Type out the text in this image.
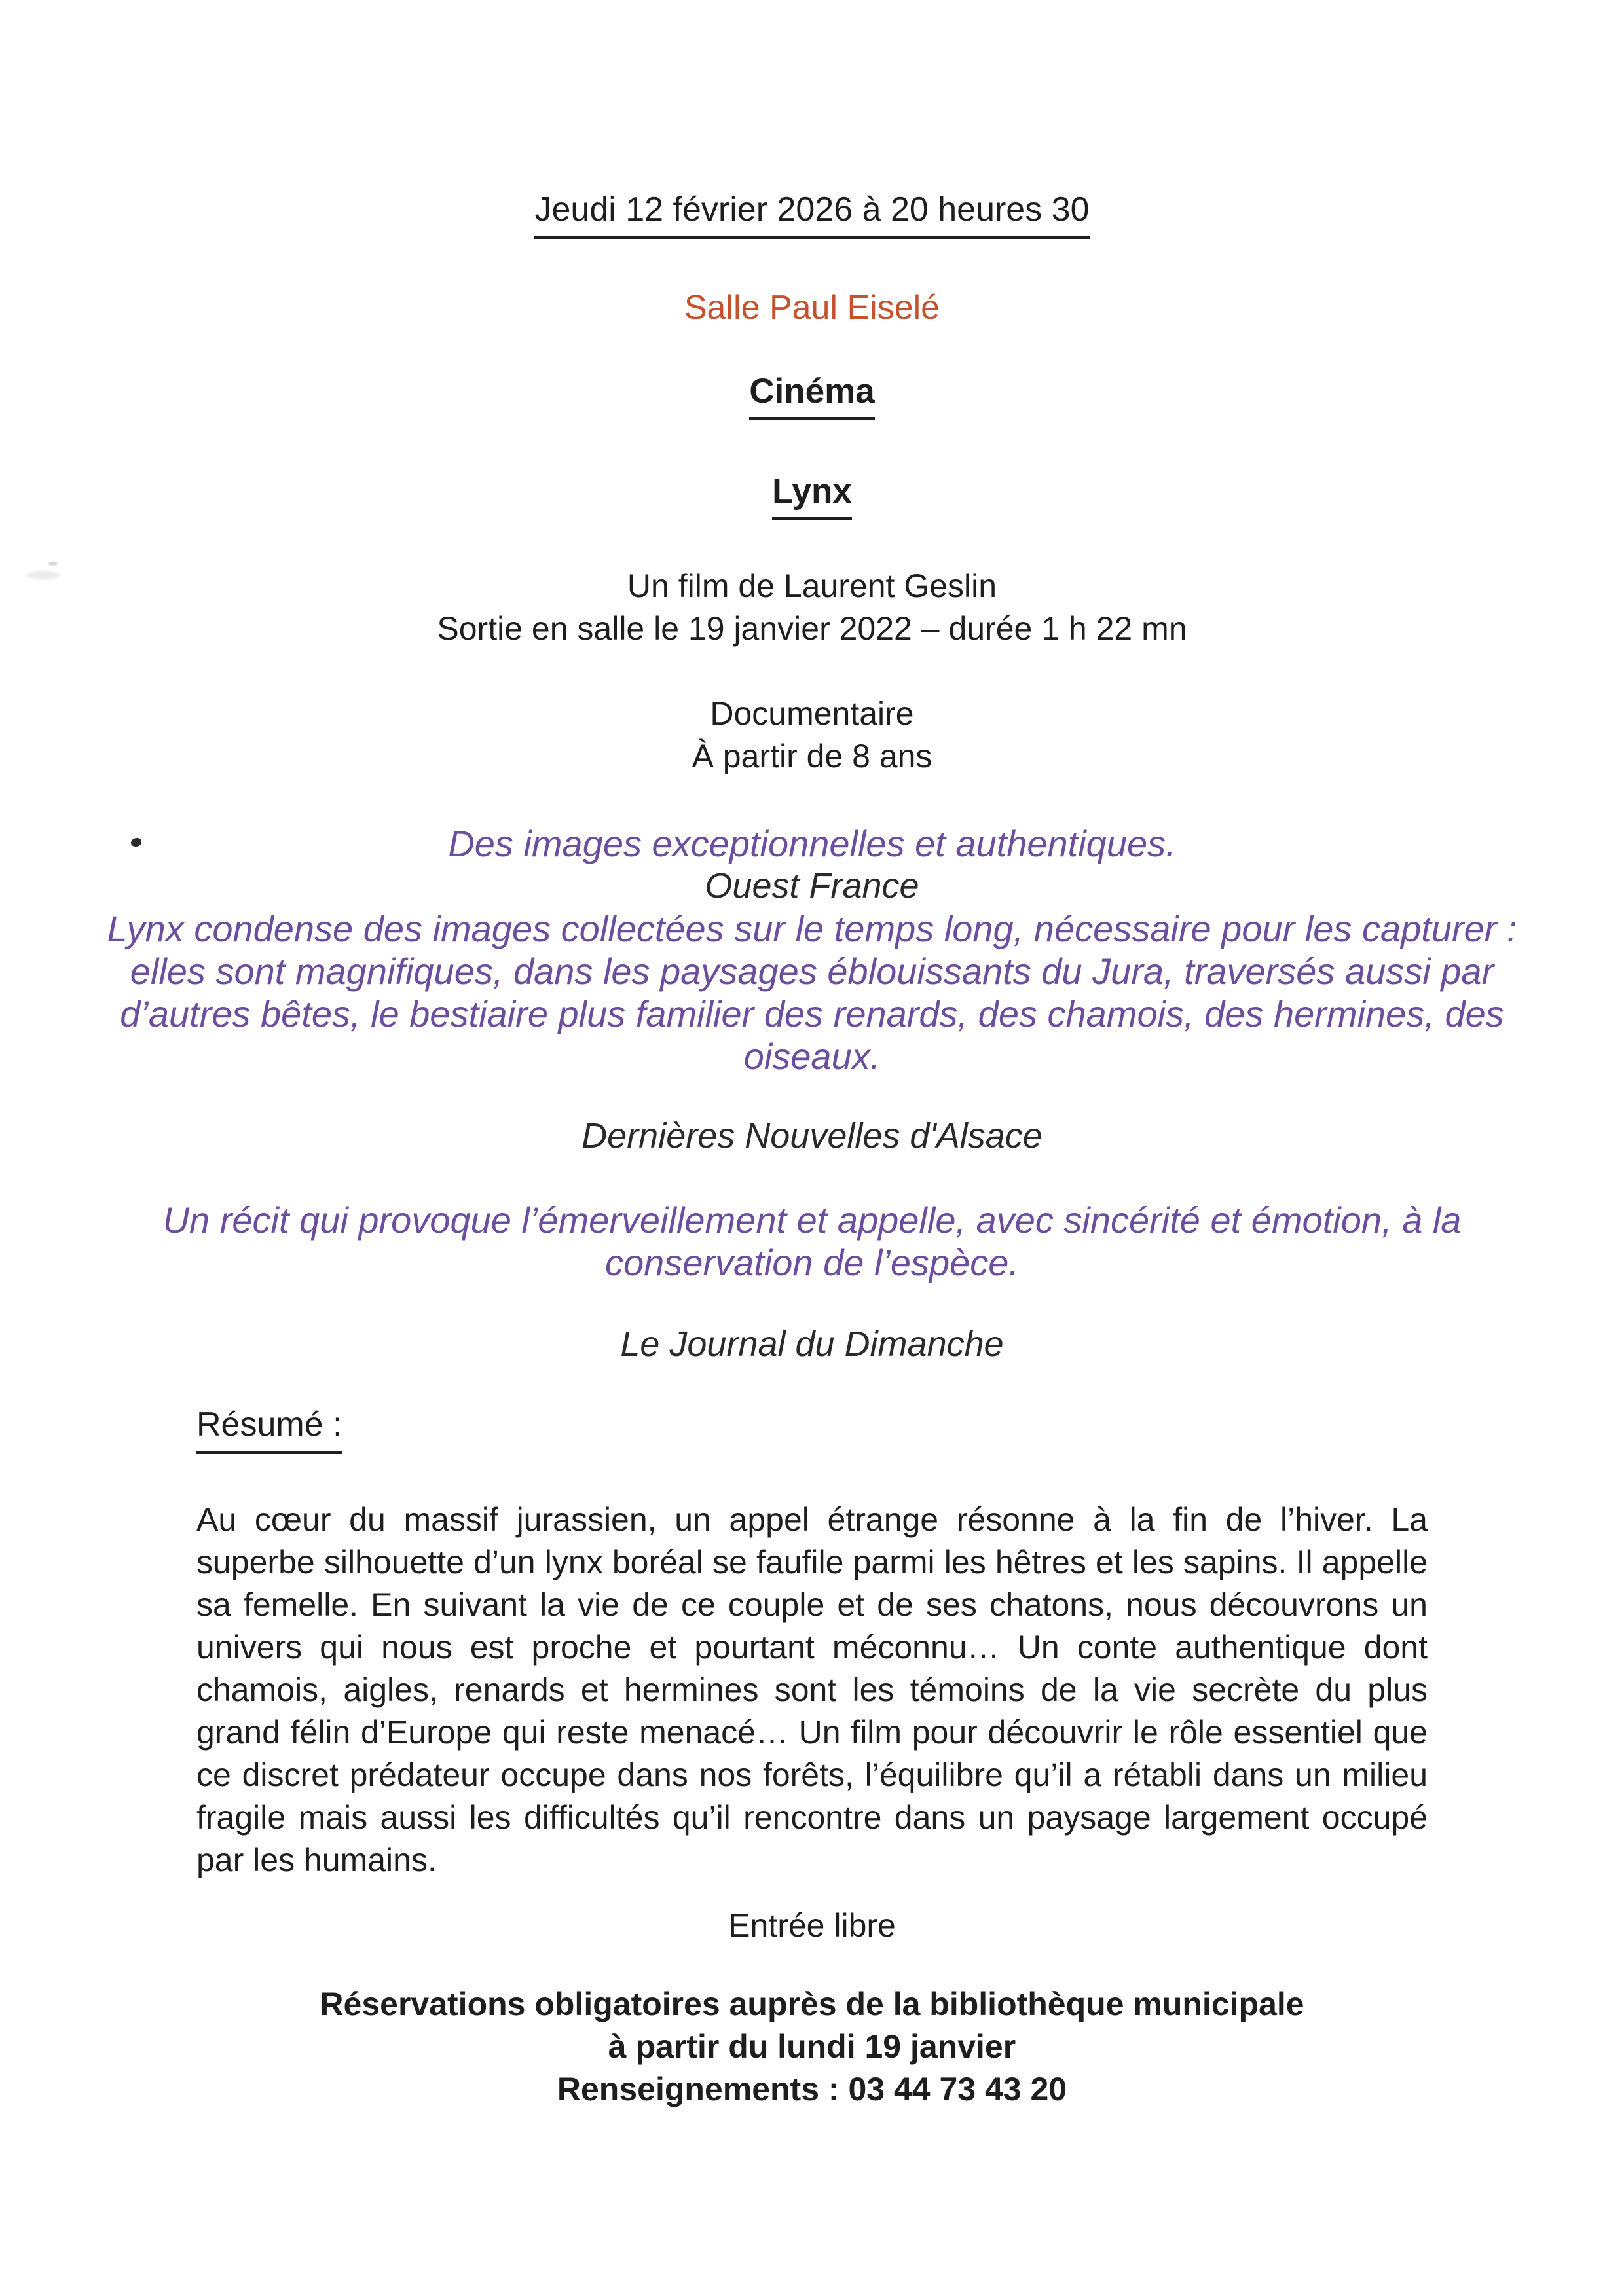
Jeudi 12 février 2026 à 20 heures 30

Salle Paul Eiselé

Cinéma

Lynx

Un film de Laurent Geslin

Sortie en salle le 19 janvier 2022 – durée 1 h 22 mn

Documentaire

À partir de 8 ans

Des images exceptionnelles et authentiques.

Ouest France

Lynx condense des images collectées sur le temps long, nécessaire pour les capturer : elles sont magnifiques, dans les paysages éblouissants du Jura, traversés aussi par d’autres bêtes, le bestiaire plus familier des renards, des chamois, des hermines, des oiseaux.

Dernières Nouvelles d'Alsace

Un récit qui provoque l’émerveillement et appelle, avec sincérité et émotion, à la conservation de l’espèce.

Le Journal du Dimanche

Résumé :

Au cœur du massif jurassien, un appel étrange résonne à la fin de l’hiver. La superbe silhouette d’un lynx boréal se faufile parmi les hêtres et les sapins. Il appelle sa femelle. En suivant la vie de ce couple et de ses chatons, nous découvrons un univers qui nous est proche et pourtant méconnu… Un conte authentique dont chamois, aigles, renards et hermines sont les témoins de la vie secrète du plus grand félin d’Europe qui reste menacé… Un film pour découvrir le rôle essentiel que ce discret prédateur occupe dans nos forêts, l’équilibre qu’il a rétabli dans un milieu fragile mais aussi les difficultés qu’il rencontre dans un paysage largement occupé par les humains.

Entrée libre

Réservations obligatoires auprès de la bibliothèque municipale

à partir du lundi 19 janvier

Renseignements : 03 44 73 43 20
